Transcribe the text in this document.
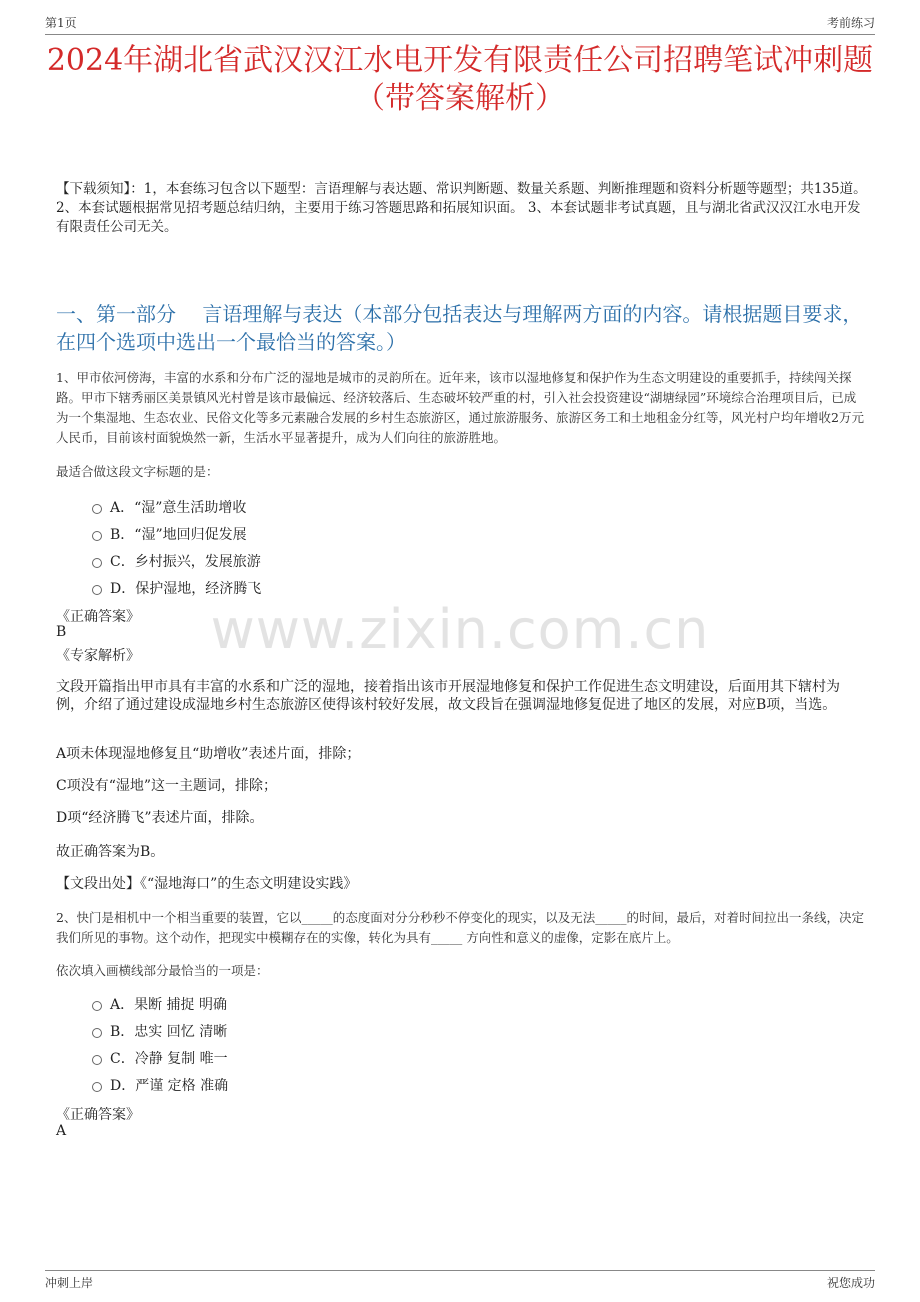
第1页	考前练习
2024年湖北省武汉汉江水电开发有限责任公司招聘笔试冲刺题（带答案解析）
【下载须知】：1，本套练习包含以下题型：言语理解与表达题、常识判断题、数量关系题、判断推理题和资料分析题等题型；共135道。 2、本套试题根据常见招考题总结归纳，主要用于练习答题思路和拓展知识面。 3、本套试题非考试真题，且与湖北省武汉汉江水电开发有限责任公司无关。
一、第一部分　 言语理解与表达（本部分包括表达与理解两方面的内容。请根据题目要求，在四个选项中选出一个最恰当的答案。）
1、甲市依河傍海，丰富的水系和分布广泛的湿地是城市的灵韵所在。近年来，该市以湿地修复和保护作为生态文明建设的重要抓手，持续闯关探路。甲市下辖秀丽区美景镇风光村曾是该市最偏远、经济较落后、生态破坏较严重的村，引入社会投资建设“湖塘绿园”环境综合治理项目后，已成为一个集湿地、生态农业、民俗文化等多元素融合发展的乡村生态旅游区，通过旅游服务、旅游区务工和土地租金分红等，风光村户均年增收2万元人民币，目前该村面貌焕然一新，生活水平显著提升，成为人们向往的旅游胜地。
最适合做这段文字标题的是：
A．“湿”意生活助增收
B．“湿”地回归促发展
C．乡村振兴，发展旅游
D．保护湿地，经济腾飞
《正确答案》
B
《专家解析》	www.zixin.com.cn
文段开篇指出甲市具有丰富的水系和广泛的湿地，接着指出该市开展湿地修复和保护工作促进生态文明建设，后面用其下辖村为例，介绍了通过建设成湿地乡村生态旅游区使得该村较好发展，故文段旨在强调湿地修复促进了地区的发展，对应B项，当选。
A项未体现湿地修复且“助增收”表述片面，排除；
C项没有“湿地”这一主题词，排除；
D项“经济腾飞”表述片面，排除。
故正确答案为B。
【文段出处】《“湿地海口”的生态文明建设实践》
2、快门是相机中一个相当重要的装置，它以_____的态度面对分分秒秒不停变化的现实，以及无法_____的时间，最后，对着时间拉出一条线，决定我们所见的事物。这个动作，把现实中模糊存在的实像，转化为具有_____ 方向性和意义的虚像，定影在底片上。
依次填入画横线部分最恰当的一项是：
A．果断 捕捉 明确
B．忠实 回忆 清晰
C．冷静 复制 唯一
D．严谨 定格 准确
《正确答案》
A
冲刺上岸	祝您成功
